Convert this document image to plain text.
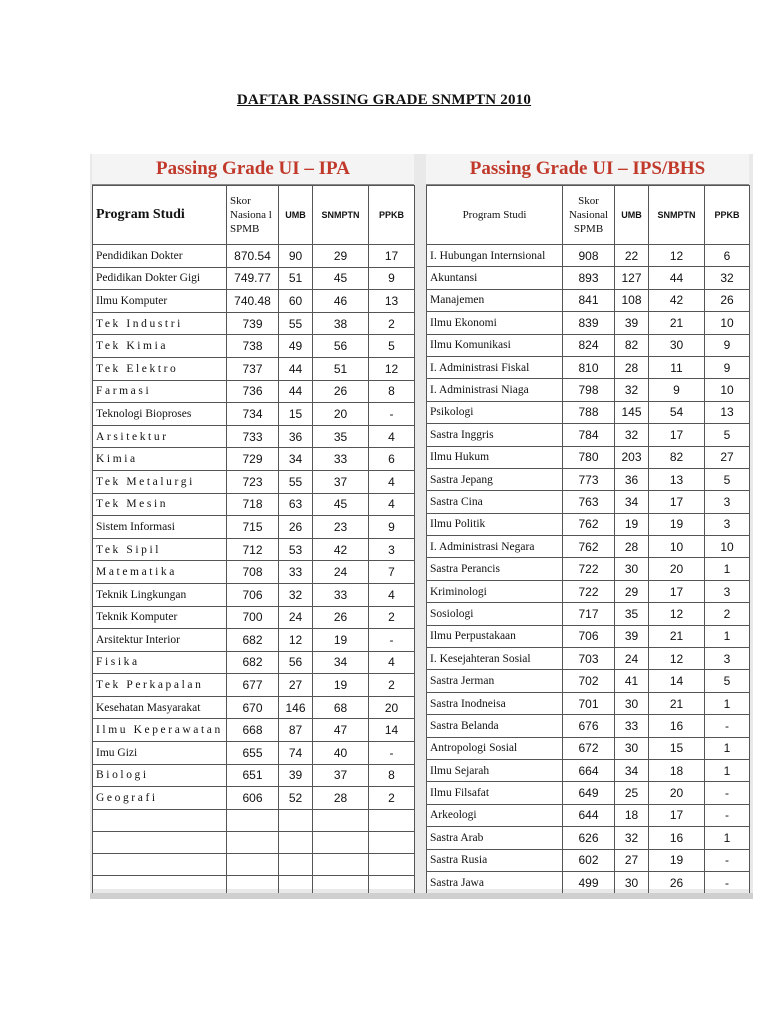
DAFTAR PASSING GRADE SNMPTN 2010
Passing Grade UI – IPA
Program Studi	Skor Nasiona l SPMB	UMB	SNMPTN	PPKB
Pendidikan Dokter	870.54	90	29	17
Pedidikan Dokter Gigi	749.77	51	45	9
Ilmu Komputer	740.48	60	46	13
Tek Industri	739	55	38	2
Tek Kimia	738	49	56	5
Tek Elektro	737	44	51	12
Farmasi	736	44	26	8
Teknologi Bioproses	734	15	20	-
Arsitektur	733	36	35	4
Kimia	729	34	33	6
Tek Metalurgi	723	55	37	4
Tek Mesin	718	63	45	4
Sistem Informasi	715	26	23	9
Tek Sipil	712	53	42	3
Matematika	708	33	24	7
Teknik Lingkungan	706	32	33	4
Teknik Komputer	700	24	26	2
Arsitektur Interior	682	12	19	-
Fisika	682	56	34	4
Tek Perkapalan	677	27	19	2
Kesehatan Masyarakat	670	146	68	20
Ilmu Keperawatan	668	87	47	14
Imu Gizi	655	74	40	-
Biologi	651	39	37	8
Geografi	606	52	28	2

Passing Grade UI – IPS/BHS
Program Studi	Skor Nasional SPMB	UMB	SNMPTN	PPKB
I. Hubungan Internsional	908	22	12	6
Akuntansi	893	127	44	32
Manajemen	841	108	42	26
Ilmu Ekonomi	839	39	21	10
Ilmu Komunikasi	824	82	30	9
I. Administrasi Fiskal	810	28	11	9
I. Administrasi Niaga	798	32	9	10
Psikologi	788	145	54	13
Sastra Inggris	784	32	17	5
Ilmu Hukum	780	203	82	27
Sastra Jepang	773	36	13	5
Sastra Cina	763	34	17	3
Ilmu Politik	762	19	19	3
I. Administrasi Negara	762	28	10	10
Sastra Perancis	722	30	20	1
Kriminologi	722	29	17	3
Sosiologi	717	35	12	2
Ilmu Perpustakaan	706	39	21	1
I. Kesejahteran Sosial	703	24	12	3
Sastra Jerman	702	41	14	5
Sastra Inodneisa	701	30	21	1
Sastra Belanda	676	33	16	-
Antropologi Sosial	672	30	15	1
Ilmu Sejarah	664	34	18	1
Ilmu Filsafat	649	25	20	-
Arkeologi	644	18	17	-
Sastra Arab	626	32	16	1
Sastra Rusia	602	27	19	-
Sastra Jawa	499	30	26	-
